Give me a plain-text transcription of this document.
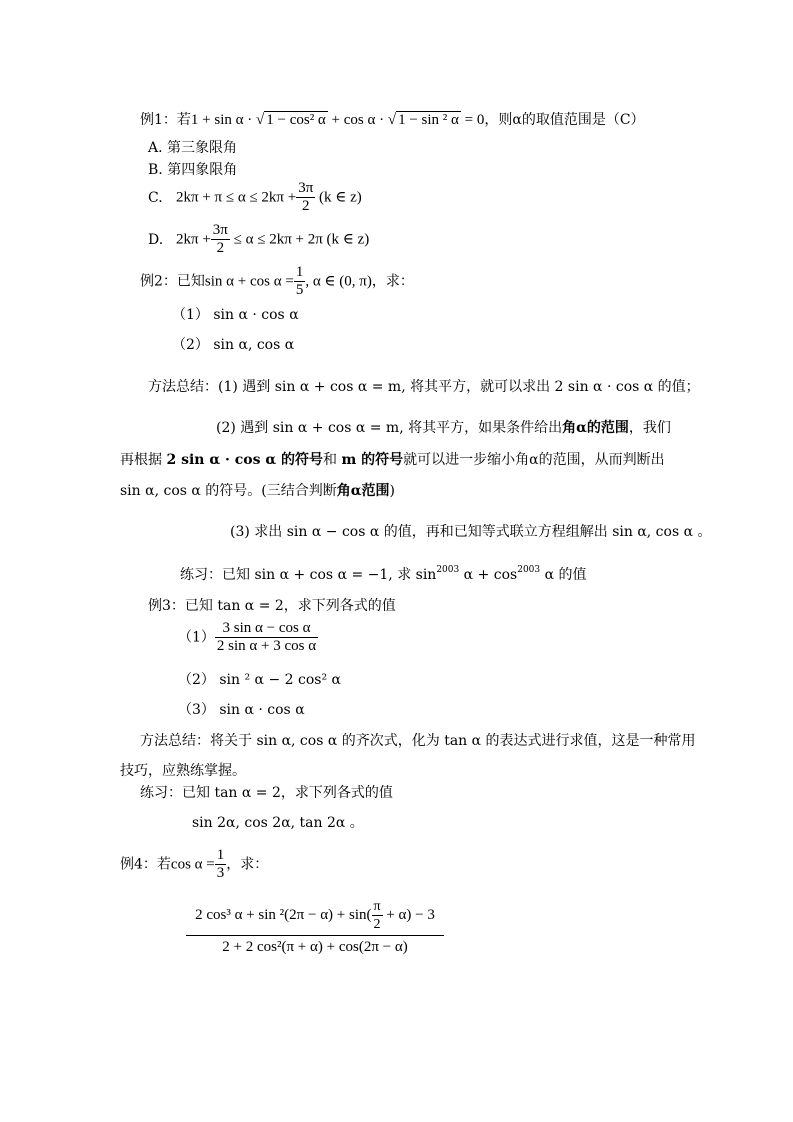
例1：若1 + sin α · √ 1 − cos² α + cos α · √ 1 − sin ² α = 0，则α的取值范围是（C）
A. 第三象限角
B. 第四象限角
C. $2k\pi + \pi \le \alpha \le 2k\pi + \frac{3\pi}{2} (k$ ∈ z)
D. $2k\pi + \frac{3\pi}{2} \le \alpha \le 2k\pi + 2\pi$ (k ∈ z)
例2：已知$\sin \alpha + \cos \alpha = \frac{1}{5}$ , α ∈ (0, π)，求：
（1） sin α · cos α
（2） sin α, cos α
方法总结：(1) 遇到 sin α + cos α = m, 将其平方，就可以求出 2 sin α · cos α 的值；
(2) 遇到 sin α + cos α = m, 将其平方，如果条件给出角α的范围，我们
再根据 2 sin α · cos α 的符号和 m 的符号就可以进一步缩小角α的范围，从而判断出
sin α, cos α 的符号。(三结合判断角α范围)
(3) 求出 sin α − cos α 的值，再和已知等式联立方程组解出 sin α, cos α 。
练习：已知 sin α + cos α = −1, 求 $\sin^{2003} \alpha + \cos^{2003} \alpha$ 的值
例3：已知 tan α = 2，求下列各式的值
$(1) \frac{\text{3 sin α − cos α}}{\text{2 sin α + 3 cos α}}$
（2） sin ² α − 2 cos² α
（3） sin α · cos α
方法总结：将关于 sin α, cos α 的齐次式，化为 tan α 的表达式进行求值，这是一种常用
技巧，应熟练掌握。
练习：已知 tan α = 2，求下列各式的值
sin 2α, cos 2α, tan 2α 。
例4：若$\cos \alpha = \frac{1}{3}$ ，求：
$\frac{2 \cos^3 \alpha + \sin ^2(2\pi - \alpha) + \sin( \frac{\pi}{2} + \alpha) - 3}{\text{2 + 2 cos²(π + α) + cos(2π − α)}}$
